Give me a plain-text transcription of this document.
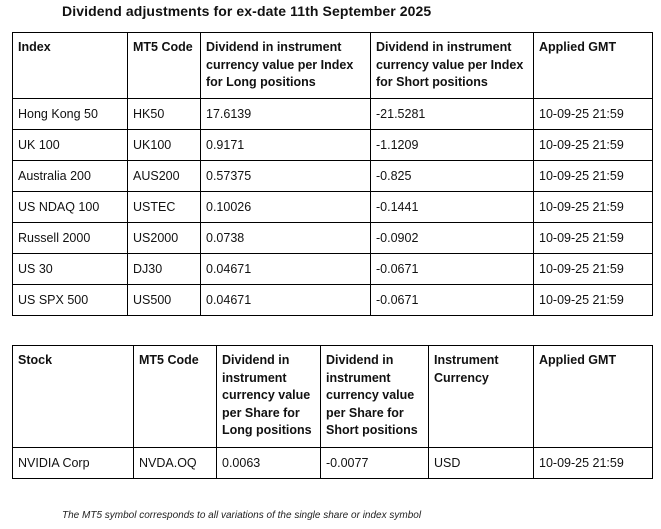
Dividend adjustments for ex-date 11th September 2025
Index	MT5 Code	Dividend in instrument currency value per Index for Long positions	Dividend in instrument currency value per Index for Short positions	Applied GMT
Hong Kong 50	HK50	17.6139	-21.5281	10-09-25 21:59
UK 100	UK100	0.9171	-1.1209	10-09-25 21:59
Australia 200	AUS200	0.57375	-0.825	10-09-25 21:59
US NDAQ 100	USTEC	0.10026	-0.1441	10-09-25 21:59
Russell 2000	US2000	0.0738	-0.0902	10-09-25 21:59
US 30	DJ30	0.04671	-0.0671	10-09-25 21:59
US SPX 500	US500	0.04671	-0.0671	10-09-25 21:59
Stock	MT5 Code	Dividend in instrument currency value per Share for Long positions	Dividend in instrument currency value per Share for Short positions	Instrument Currency	Applied GMT
NVIDIA Corp	NVDA.OQ	0.0063	-0.0077	USD	10-09-25 21:59
The MT5 symbol corresponds to all variations of the single share or index symbol
